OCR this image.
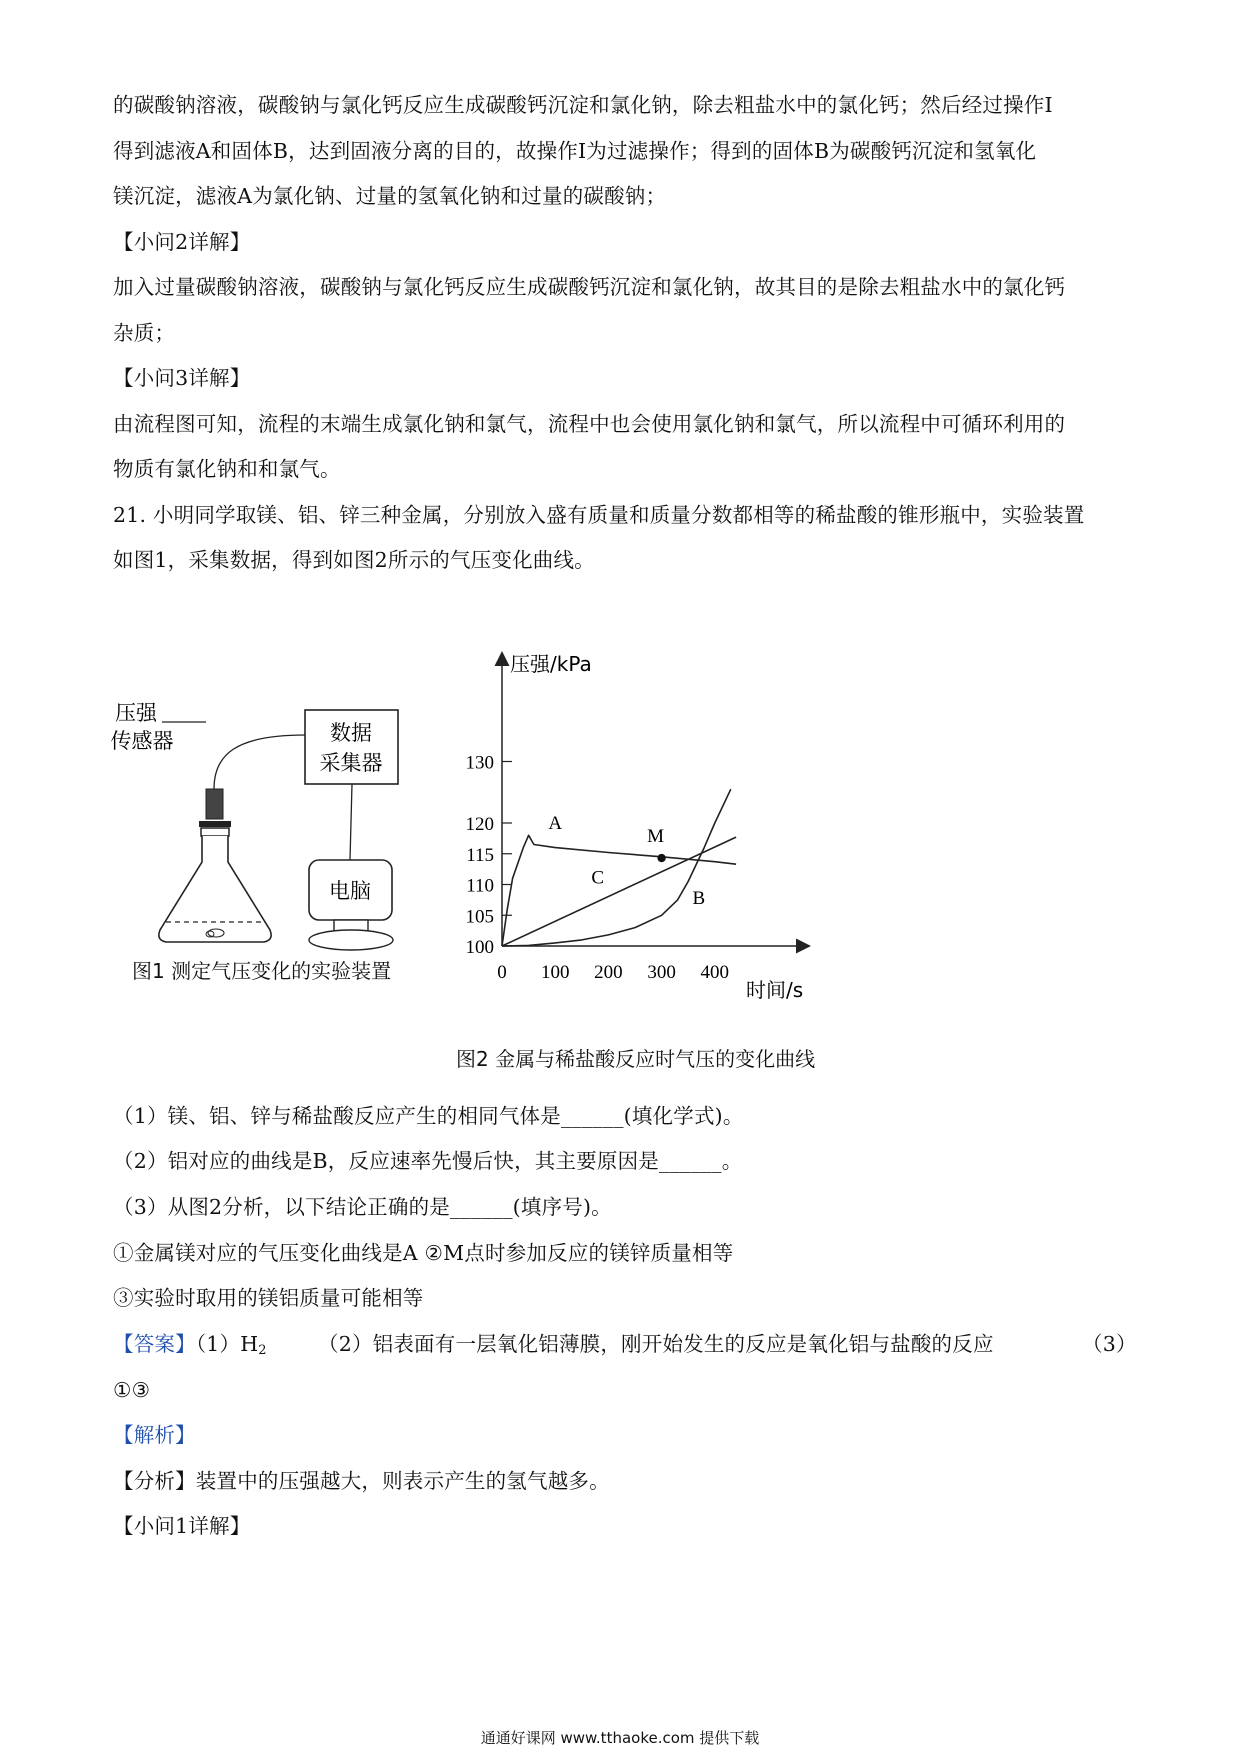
的碳酸钠溶液，碳酸钠与氯化钙反应生成碳酸钙沉淀和氯化钠，除去粗盐水中的氯化钙；然后经过操作I
得到滤液A和固体B，达到固液分离的目的，故操作I为过滤操作；得到的固体B为碳酸钙沉淀和氢氧化
镁沉淀，滤液A为氯化钠、过量的氢氧化钠和过量的碳酸钠；
【小问2详解】
加入过量碳酸钠溶液，碳酸钠与氯化钙反应生成碳酸钙沉淀和氯化钠，故其目的是除去粗盐水中的氯化钙
杂质；
【小问3详解】
由流程图可知，流程的末端生成氯化钠和氯气，流程中也会使用氯化钠和氯气，所以流程中可循环利用的
物质有氯化钠和和氯气。
21. 小明同学取镁、铝、锌三种金属，分别放入盛有质量和质量分数都相等的稀盐酸的锥形瓶中，实验装置
如图1，采集数据，得到如图2所示的气压变化曲线。
数据
采集器
电脑
压强
传感器
图1 测定气压变化的实验装置
压强/kPa
时间/s
130
120
115
110
105
100
0 100 200 300 400
A
B
C
M
图2 金属与稀盐酸反应时气压的变化曲线
（1）镁、铝、锌与稀盐酸反应产生的相同气体是______(填化学式)。
（2）铝对应的曲线是B，反应速率先慢后快，其主要原因是______。
（3）从图2分析，以下结论正确的是______(填序号)。
①金属镁对应的气压变化曲线是A ②M点时参加反应的镁锌质量相等
③实验时取用的镁铝质量可能相等
【答案】$(1)H_2$ （2）铝表面有一层氧化铝薄膜，刚开始发生的反应是氧化铝与盐酸的反应	（3）
①③
【解析】
【分析】装置中的压强越大，则表示产生的氢气越多。
【小问1详解】
通通好课网 www.tthaoke.com 提供下载
